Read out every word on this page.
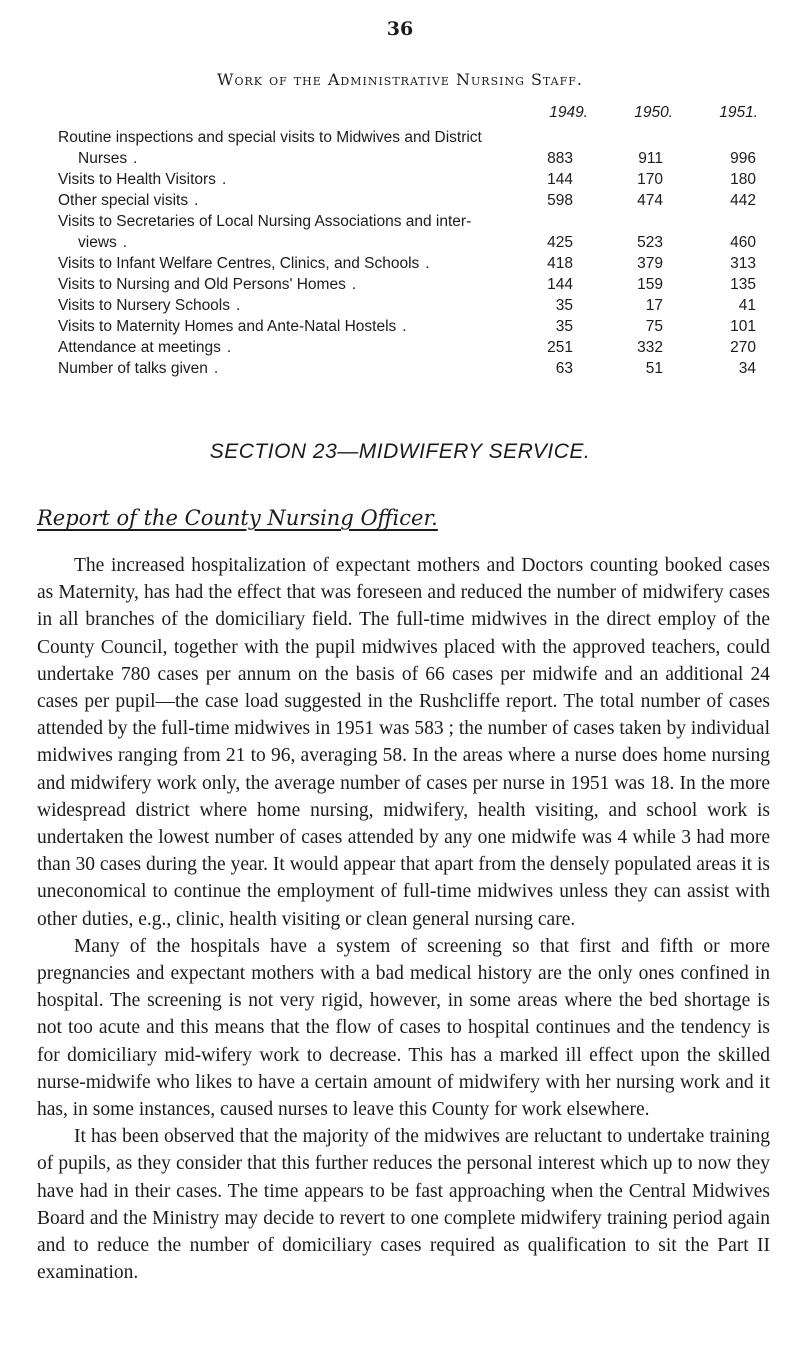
36
Work of the Administrative Nursing Staff.
1949.	1950.	1951.
Routine inspections and special visits to Midwives and District
Nurses .	883	911	996
Visits to Health Visitors .	144	170	180
Other special visits .	598	474	442
Visits to Secretaries of Local Nursing Associations and inter-
views .	425	523	460
Visits to Infant Welfare Centres, Clinics, and Schools .	418	379	313
Visits to Nursing and Old Persons' Homes .	144	159	135
Visits to Nursery Schools .	35	17	41
Visits to Maternity Homes and Ante-Natal Hostels .	35	75	101
Attendance at meetings .	251	332	270
Number of talks given .	63	51	34
SECTION 23—MIDWIFERY SERVICE.
Report of the County Nursing Officer.

The increased hospitalization of expectant mothers and Doctors counting booked cases as Maternity, has had the effect that was foreseen and reduced the number of midwifery cases in all branches of the domiciliary field. The full-time midwives in the direct employ of the County Council, together with the pupil midwives placed with the approved teachers, could undertake 780 cases per annum on the basis of 66 cases per midwife and an additional 24 cases per pupil—the case load suggested in the Rushcliffe report. The total number of cases attended by the full-time midwives in 1951 was 583 ; the number of cases taken by individual midwives ranging from 21 to 96, averaging 58. In the areas where a nurse does home nursing and midwifery work only, the average number of cases per nurse in 1951 was 18. In the more widespread district where home nursing, midwifery, health visiting, and school work is undertaken the lowest number of cases attended by any one midwife was 4 while 3 had more than 30 cases during the year. It would appear that apart from the densely populated areas it is uneconomical to continue the employment of full-time midwives unless they can assist with other duties, e.g., clinic, health visiting or clean general nursing care.

Many of the hospitals have a system of screening so that first and fifth or more pregnancies and expectant mothers with a bad medical history are the only ones confined in hospital. The screening is not very rigid, however, in some areas where the bed shortage is not too acute and this means that the flow of cases to hospital continues and the tendency is for domiciliary mid-wifery work to decrease. This has a marked ill effect upon the skilled nurse-midwife who likes to have a certain amount of midwifery with her nursing work and it has, in some instances, caused nurses to leave this County for work elsewhere.

It has been observed that the majority of the midwives are reluctant to undertake training of pupils, as they consider that this further reduces the personal interest which up to now they have had in their cases. The time appears to be fast approaching when the Central Midwives Board and the Ministry may decide to revert to one complete midwifery training period again and to reduce the number of domiciliary cases required as qualification to sit the Part II examination.
